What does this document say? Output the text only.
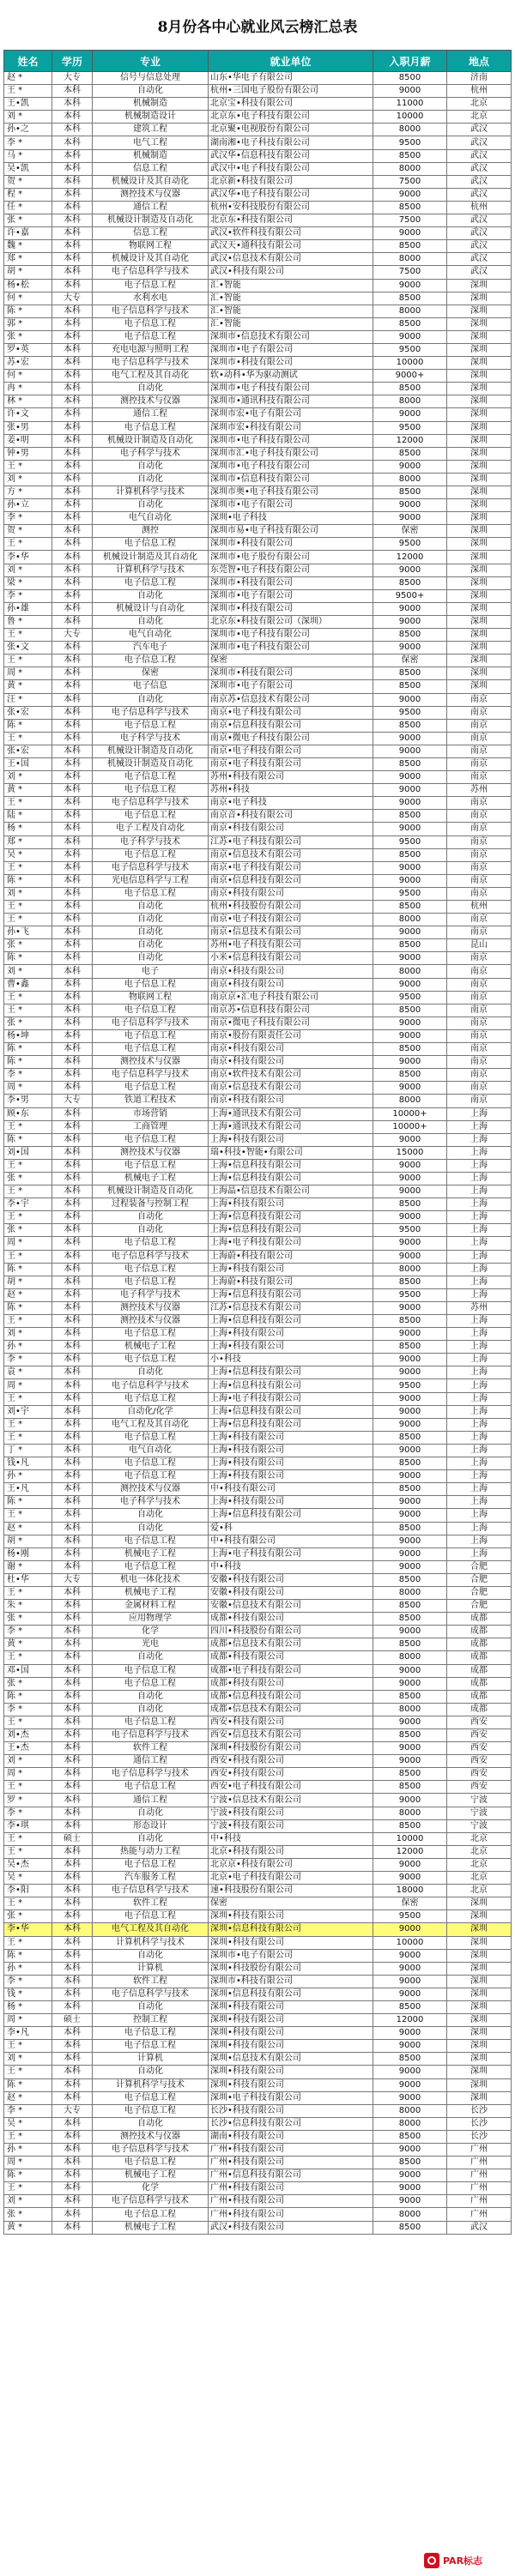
8月份各中心就业风云榜汇总表
姓名	学历	专业	就业单位	入职月薪	地点
赵 *	大专	信号与信息处理	山东•华电子有限公司	8500	济南
王 *	本科	自动化	杭州•三国电子股份有限公司	9000	杭州
王•凯	本科	机械制造	北京宝•科技有限公司	11000	北京
刘 *	本科	机械制造设计	北京东•电子科技有限公司	10000	北京
孙•之	本科	建筑工程	北京聚•电视股份有限公司	8000	武汉
李 *	本科	电气工程	湖南湘•电子科技有限公司	9500	武汉
马 *	本科	机械制造	武汉华•信息科技有限公司	8500	武汉
吴•凯	本科	信息工程	武汉中•电子科技有限公司	8000	武汉
贺 *	本科	机械设计及其自动化	北京新•科技有限公司	7500	武汉
程 *	本科	测控技术与仪器	武汉华•电子科技有限公司	9000	武汉
任 *	本科	通信工程	杭州•安科技股份有限公司	8500	杭州
张 *	本科	机械设计制造及自动化	北京东•科技有限公司	7500	武汉
许•嘉	本科	信息工程	武汉•软件科技有限公司	9000	武汉
魏 *	本科	物联网工程	武汉天•通科技有限公司	8500	武汉
郑 *	本科	机械设计及其自动化	武汉•信息技术有限公司	8000	武汉
胡 *	本科	电子信息科学与技术	武汉•科技有限公司	7500	武汉
杨•松	本科	电子信息工程	汇•智能	9000	深圳
何 *	大专	水利水电	汇•智能	8500	深圳
陈 *	本科	电子信息科学与技术	汇•智能	8000	深圳
郭 *	本科	电子信息工程	汇•智能	8500	深圳
张 *	本科	电子信息工程	深圳市•信息技术有限公司	9000	深圳
罗•英	本科	充电电源与照明工程	深圳市•电子有限公司	9500	深圳
苏•宏	本科	电子信息科学与技术	深圳市•科技有限公司	10000	深圳
何 *	本科	电气工程及其自动化	软•动科•华为驱动测试	9000+	深圳
冉 *	本科	自动化	深圳市•电子科技有限公司	8500	深圳
林 *	本科	测控技术与仪器	深圳市•通讯科技有限公司	8000	深圳
许•文	本科	通信工程	深圳市宏•电子有限公司	9000	深圳
张•男	本科	电子信息工程	深圳市宏•科技有限公司	9500	深圳
姜•明	本科	机械设计制造及自动化	深圳市•电子科技有限公司	12000	深圳
钟•男	本科	电子科学与技术	深圳市汇•电子科技有限公司	8500	深圳
王 *	本科	自动化	深圳市•电子科技有限公司	9000	深圳
刘 *	本科	自动化	深圳市•信息科技有限公司	8000	深圳
方 *	本科	计算机科学与技术	深圳市奥•电子科技有限公司	8500	深圳
孙•立	本科	自动化	深圳市•电子有限公司	9000	深圳
李 *	本科	电气自动化	深圳•电子科技	9000	深圳
贺 *	本科	测控	深圳市易•电子科技有限公司	保密	深圳
王 *	本科	电子信息工程	深圳市•科技有限公司	9500	深圳
李•华	本科	机械设计制造及其自动化	深圳市•电子股份有限公司	12000	深圳
刘 *	本科	计算机科学与技术	东莞智•电子科技有限公司	9000	深圳
梁 *	本科	电子信息工程	深圳市•科技有限公司	8500	深圳
李 *	本科	自动化	深圳市•电子有限公司	9500+	深圳
孙•雄	本科	机械设计与自动化	深圳市•科技有限公司	9000	深圳
鲁 *	本科	自动化	北京东•科技有限公司（深圳）	9000	深圳
王 *	大专	电气自动化	深圳市•电子科技有限公司	8500	深圳
张•文	本科	汽车电子	深圳市•电子科技有限公司	9000	深圳
王 *	本科	电子信息工程	保密	保密	深圳
周 *	本科	保密	深圳市•科技有限公司	8500	深圳
黄 *	本科	电子信息	深圳市•电子有限公司	8500	深圳
汪 *	本科	自动化	南京苏•信息技术有限公司	9000	南京
张•宏	本科	电子信息科学与技术	南京•电子科技有限公司	9500	南京
陈 *	本科	电子信息工程	南京•信息科技有限公司	8500	南京
王 *	本科	电子科学与技术	南京•微电子科技有限公司	9000	南京
张•宏	本科	机械设计制造及自动化	南京•电子科技有限公司	9000	南京
王•国	本科	机械设计制造及自动化	南京•电子科技有限公司	8500	南京
刘 *	本科	电子信息工程	苏州•科技有限公司	9000	南京
黄 *	本科	电子信息工程	苏州•科技	9000	苏州
王 *	本科	电子信息科学与技术	南京•电子科技	9000	南京
陆 *	本科	电子信息工程	南京音•科技有限公司	8500	南京
杨 *	本科	电子工程及自动化	南京•科技有限公司	9000	南京
郑 *	本科	电子科学与技术	江苏•电子科技有限公司	9500	南京
吴 *	本科	电子信息工程	南京•信息技术有限公司	8500	南京
王 *	本科	电子信息科学与技术	南京•电子科技有限公司	9000	南京
陈 *	本科	光电信息科学与工程	南京•信息科技有限公司	9000	南京
刘 *	本科	电子信息工程	南京•科技有限公司	9500	南京
王 *	本科	自动化	杭州•科技股份有限公司	8500	杭州
王 *	本科	自动化	南京•电子科技有限公司	8000	南京
孙•飞	本科	自动化	南京•信息技术有限公司	9000	南京
张 *	本科	自动化	苏州•电子科技有限公司	8500	昆山
陈 *	本科	自动化	小米•信息科技有限公司	9000	南京
刘 *	本科	电子	南京•科技有限公司	8000	南京
曹•鑫	本科	电子信息工程	南京•科技有限公司	9000	南京
王 *	本科	物联网工程	南京京•汇电子科技有限公司	9500	南京
王 *	本科	电子信息工程	南京苏•信息科技有限公司	8500	南京
张 *	本科	电子信息科学与技术	南京•微电子科技有限公司	9000	南京
杨•坤	本科	电子信息工程	南京•股份有限责任公司	9000	南京
陈 *	本科	电子信息工程	南京•科技有限公司	8500	南京
陈 *	本科	测控技术与仪器	南京•科技有限公司	9000	南京
李 *	本科	电子信息科学与技术	南京•软件技术有限公司	8500	南京
周 *	本科	电子信息工程	南京•信息技术有限公司	9000	南京
李•男	大专	铁道工程技术	南京•科技有限公司	8000	南京
顾•东	本科	市场营销	上海•通讯技术有限公司	10000+	上海
王 *	本科	工商管理	上海•通讯技术有限公司	10000+	上海
陈 *	本科	电子信息工程	上海•科技有限公司	9000	上海
刘•国	本科	测控技术与仪器	瑞•科技•智能•有限公司	15000	上海
王 *	本科	电子信息工程	上海•信息科技有限公司	9000	上海
张 *	本科	机械电子工程	上海•信息科技有限公司	9000	上海
王 *	本科	机械设计制造及自动化	上海晶•信息技术有限公司	9000	上海
李•宇	本科	过程装备与控制工程	上海•科技有限公司	8500	上海
王 *	本科	自动化	上海•信息科技有限公司	9000	上海
张 *	本科	自动化	上海•信息科技有限公司	9500	上海
周 *	本科	电子信息工程	上海•电子科技有限公司	9000	上海
王 *	本科	电子信息科学与技术	上海蔚•科技有限公司	9000	上海
陈 *	本科	电子信息工程	上海•科技有限公司	8000	上海
胡 *	本科	电子信息工程	上海蔚•科技有限公司	8500	上海
赵 *	本科	电子科学与技术	上海•信息科技有限公司	9500	上海
陈 *	本科	测控技术与仪器	江苏•信息技术有限公司	9000	苏州
王 *	本科	测控技术与仪器	上海•信息科技有限公司	8500	上海
刘 *	本科	电子信息工程	上海•科技有限公司	9000	上海
孙 *	本科	机械电子工程	上海•科技有限公司	8500	上海
李 *	本科	电子信息工程	小•科技	9000	上海
袁 *	本科	自动化	上海•信息科技有限公司	9000	上海
周 *	本科	电子信息科学与技术	上海•信息科技有限公司	9500	上海
王 *	本科	电子信息工程	上海•电子科技有限公司	9000	上海
刘•宇	本科	自动化/化学	上海•信息科技有限公司	9000	上海
王 *	本科	电气工程及其自动化	上海•信息科技有限公司	9000	上海
王 *	本科	电子信息工程	上海•科技有限公司	8500	上海
丁 *	本科	电气自动化	上海•科技有限公司	9000	上海
钱•凡	本科	电子信息工程	上海•科技有限公司	8500	上海
孙 *	本科	电子信息工程	上海•科技有限公司	9000	上海
王•凡	本科	测控技术与仪器	中•科技有限公司	8500	上海
陈 *	本科	电子科学与技术	上海•科技有限公司	9000	上海
王 *	本科	自动化	上海•信息科技有限公司	9000	上海
赵 *	本科	自动化	爱•科	8500	上海
胡 *	本科	电子信息工程	中•科技有限公司	9000	上海
杨•刚	本科	机械电子工程	上海•电子科技有限公司	9000	上海
谢 *	本科	电子信息工程	中•科技	9000	合肥
杜•华	大专	机电一体化技术	安徽•科技有限公司	8500	合肥
王 *	本科	机械电子工程	安徽•科技有限公司	8000	合肥
朱 *	本科	金属材料工程	安徽•信息技术有限公司	8500	合肥
张 *	本科	应用物理学	成都•科技有限公司	8500	成都
李 *	本科	化学	四川•科技股份有限公司	9000	成都
黄 *	本科	光电	成都•信息技术有限公司	8500	成都
王 *	本科	自动化	成都•科技有限公司	8000	成都
邓•国	本科	电子信息工程	成都•电子科技有限公司	9000	成都
张 *	本科	电子信息工程	成都•科技有限公司	9000	成都
陈 *	本科	自动化	成都•信息科技有限公司	8500	成都
李 *	本科	自动化	成都•信息技术有限公司	8000	成都
王 *	本科	电子信息工程	西安•科技有限公司	9000	西安
刘•杰	本科	电子信息科学与技术	西安•信息技术有限公司	8500	西安
王•杰	本科	软件工程	深圳•科技股份有限公司	9000	西安
刘 *	本科	通信工程	西安•科技有限公司	9000	西安
周 *	本科	电子信息科学与技术	西安•科技有限公司	8500	西安
王 *	本科	电子信息工程	西安•电子科技有限公司	8500	西安
罗 *	本科	通信工程	宁波•信息技术有限公司	9000	宁波
李 *	本科	自动化	宁波•科技有限公司	8000	宁波
李•琪	本科	形态设计	宁波•科技有限公司	8500	宁波
王 *	硕士	自动化	中•科技	10000	北京
王 *	本科	热能与动力工程	北京•科技有限公司	12000	北京
吴•杰	本科	电子信息工程	北京京•科技有限公司	9000	北京
吴 *	本科	汽车服务工程	北京•电子科技有限公司	9000	北京
李•阳	本科	电子信息科学与技术	速•科技股份有限公司	18000	北京
王 *	本科	软件工程	保密	保密	深圳
张 *	本科	电子信息工程	深圳•科技有限公司	9500	深圳
李•华	本科	电气工程及其自动化	深圳•信息科技有限公司	9000	深圳
王 *	本科	计算机科学与技术	深圳•科技有限公司	10000	深圳
陈 *	本科	自动化	深圳市•电子有限公司	9000	深圳
孙 *	本科	计算机	深圳•科技股份有限公司	9000	深圳
李 *	本科	软件工程	深圳市•科技有限公司	9000	深圳
钱 *	本科	电子信息科学与技术	深圳•信息科技有限公司	9000	深圳
杨 *	本科	自动化	深圳•科技有限公司	8500	深圳
周 *	硕士	控制工程	深圳•科技有限公司	12000	深圳
李•凡	本科	电子信息工程	深圳•科技有限公司	9000	深圳
王 *	本科	电子信息工程	深圳•科技有限公司	9000	深圳
刘 *	本科	计算机	深圳•信息技术有限公司	8500	深圳
王 *	本科	自动化	深圳•科技有限公司	9000	深圳
陈 *	本科	计算机科学与技术	深圳•科技有限公司	9000	深圳
赵 *	本科	电子信息工程	深圳•电子科技有限公司	9000	深圳
李 *	大专	电子信息工程	长沙•科技有限公司	8000	长沙
吴 *	本科	自动化	长沙•信息科技有限公司	8000	长沙
王 *	本科	测控技术与仪器	湖南•科技有限公司	8500	长沙
孙 *	本科	电子信息科学与技术	广州•科技有限公司	9000	广州
周 *	本科	电子信息工程	广州•科技有限公司	8500	广州
陈 *	本科	机械电子工程	广州•信息科技有限公司	9000	广州
王 *	本科	化学	广州•科技有限公司	9000	广州
刘 *	本科	电子信息科学与技术	广州•科技有限公司	9000	广州
张 *	本科	电子信息工程	广州•科技有限公司	8000	广州
黄 *	本科	机械电子工程	武汉•科技有限公司	8500	武汉
PAR标志
